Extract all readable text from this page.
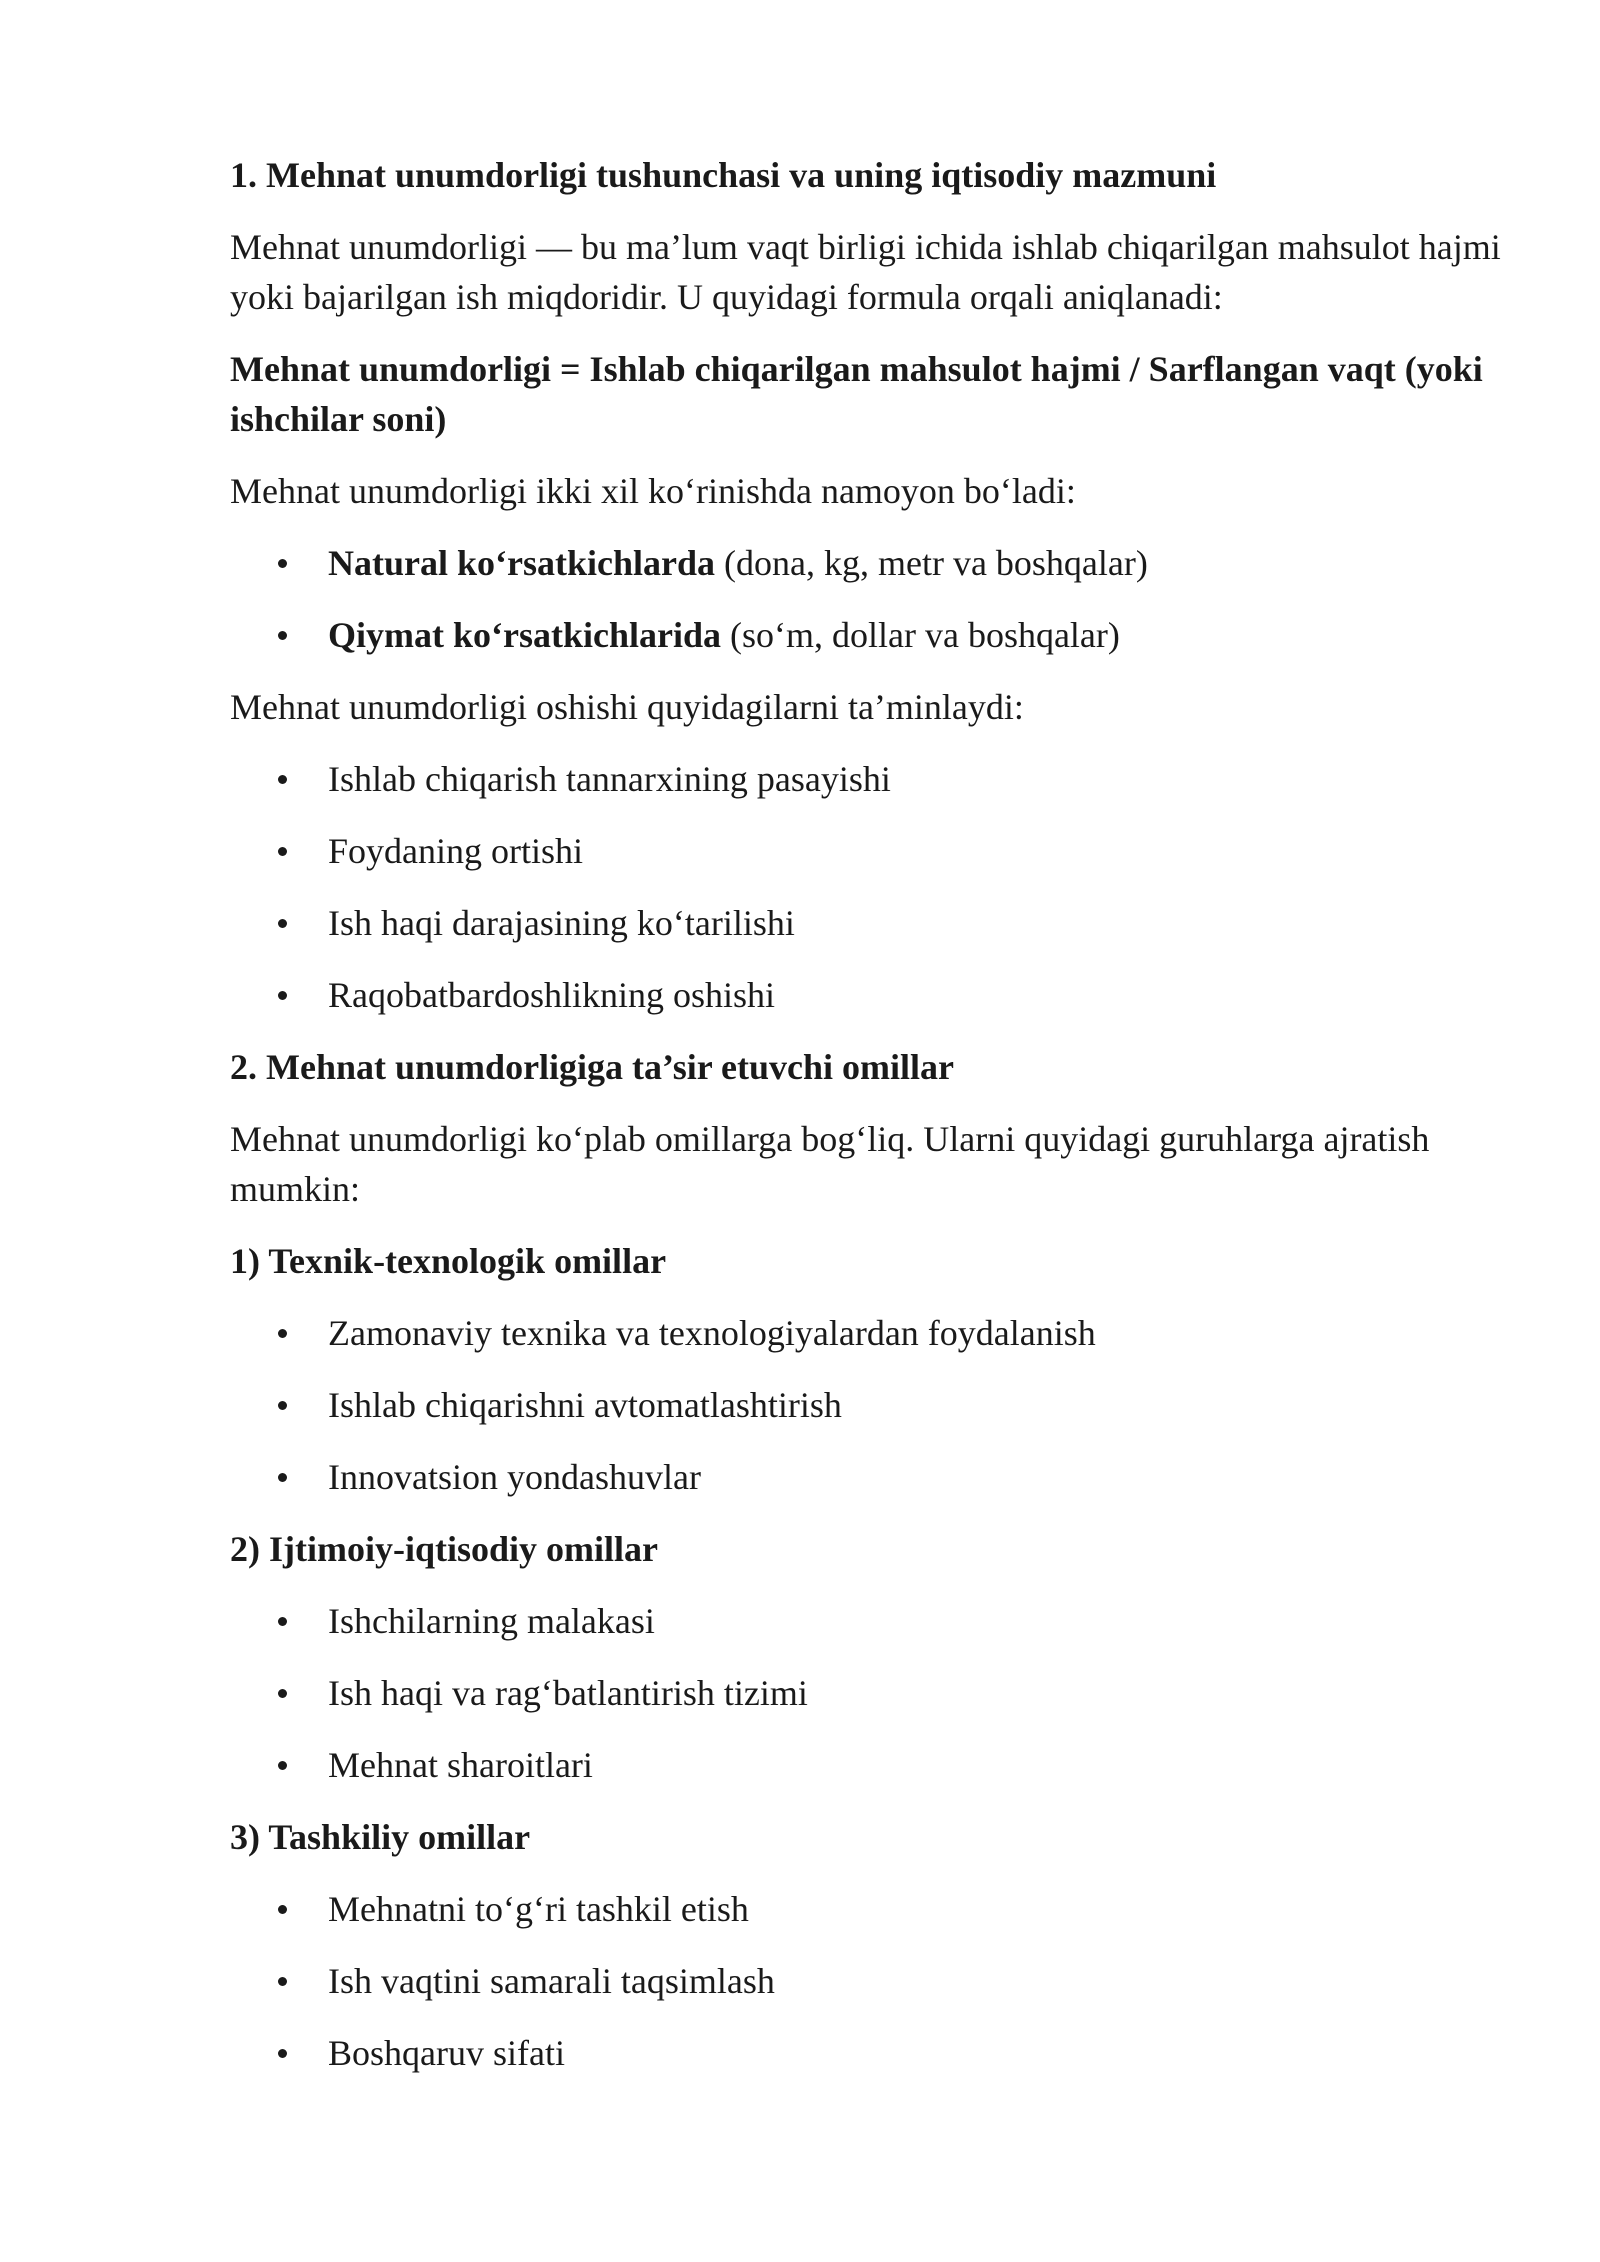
1. Mehnat unumdorligi tushunchasi va uning iqtisodiy mazmuni
Mehnat unumdorligi — bu ma’lum vaqt birligi ichida ishlab chiqarilgan mahsulot hajmi yoki bajarilgan ish miqdoridir. U quyidagi formula orqali aniqlanadi:
Mehnat unumdorligi = Ishlab chiqarilgan mahsulot hajmi / Sarflangan vaqt (yoki ishchilar soni)
Mehnat unumdorligi ikki xil ko‘rinishda namoyon bo‘ladi:
Natural ko‘rsatkichlarda (dona, kg, metr va boshqalar)
Qiymat ko‘rsatkichlarida (so‘m, dollar va boshqalar)
Mehnat unumdorligi oshishi quyidagilarni ta’minlaydi:
Ishlab chiqarish tannarxining pasayishi
Foydaning ortishi
Ish haqi darajasining ko‘tarilishi
Raqobatbardoshlikning oshishi
2. Mehnat unumdorligiga ta’sir etuvchi omillar
Mehnat unumdorligi ko‘plab omillarga bog‘liq. Ularni quyidagi guruhlarga ajratish mumkin:
1) Texnik-texnologik omillar
Zamonaviy texnika va texnologiyalardan foydalanish
Ishlab chiqarishni avtomatlashtirish
Innovatsion yondashuvlar
2) Ijtimoiy-iqtisodiy omillar
Ishchilarning malakasi
Ish haqi va rag‘batlantirish tizimi
Mehnat sharoitlari
3) Tashkiliy omillar
Mehnatni to‘g‘ri tashkil etish
Ish vaqtini samarali taqsimlash
Boshqaruv sifati
